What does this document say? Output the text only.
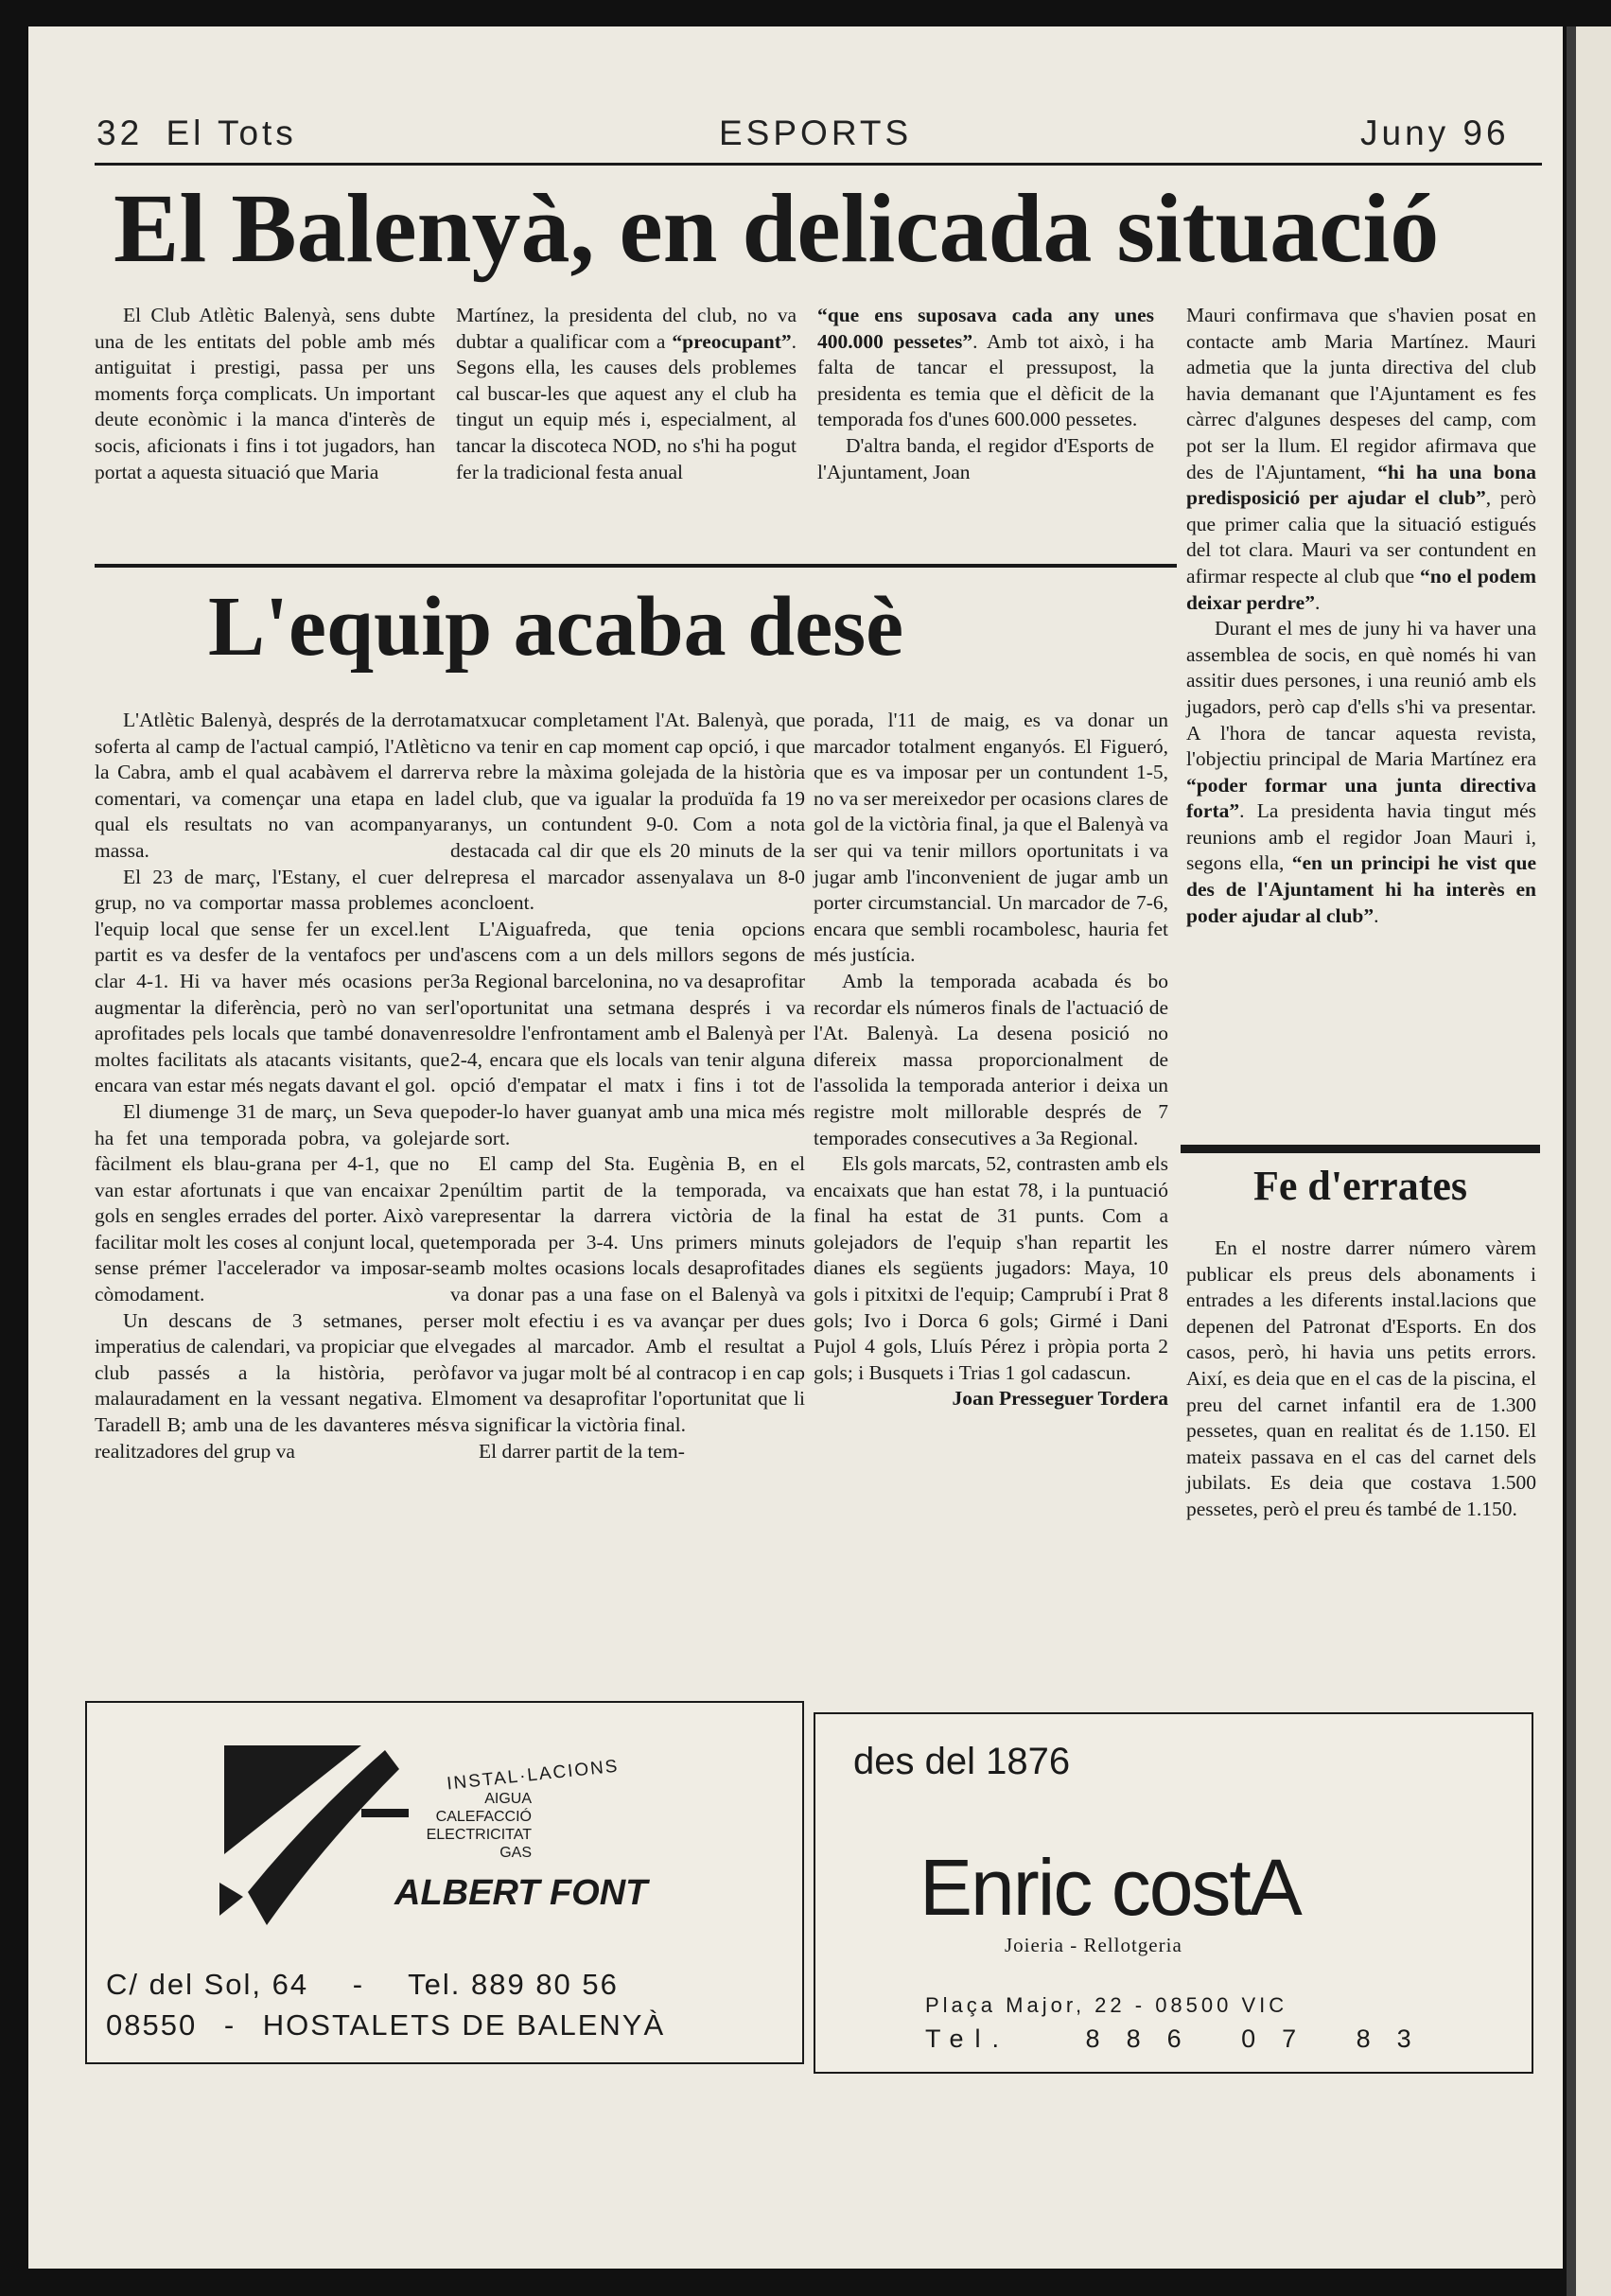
32 El Tots	ESPORTS	Juny 96
El Balenyà, en delicada situació

El Club Atlètic Balenyà, sens dubte una de les entitats del poble amb més antiguitat i prestigi, passa per uns moments força complicats. Un important deute econòmic i la manca d'interès de socis, aficionats i fins i tot jugadors, han portat a aquesta situació que Maria

Martínez, la presidenta del club, no va dubtar a qualificar com a “preocupant”. Segons ella, les causes dels problemes cal buscar-les que aquest any el club ha tingut un equip més i, especialment, al tancar la discoteca NOD, no s'hi ha pogut fer la tradicional festa anual

“que ens suposava cada any unes 400.000 pessetes”. Amb tot això, i ha falta de tancar el pressupost, la presidenta es temia que el dèficit de la temporada fos d'unes 600.000 pessetes.

D'altra banda, el regidor d'Esports de l'Ajuntament, Joan

Mauri confirmava que s'havien posat en contacte amb Maria Martínez. Mauri admetia que la junta directiva del club havia demanant que l'Ajuntament es fes càrrec d'algunes despeses del camp, com pot ser la llum. El regidor afirmava que des de l'Ajuntament, “hi ha una bona predisposició per ajudar el club”, però que primer calia que la situació estigués del tot clara. Mauri va ser contundent en afirmar respecte al club que “no el podem deixar perdre”.

Durant el mes de juny hi va haver una assemblea de socis, en què només hi van assitir dues persones, i una reunió amb els jugadors, però cap d'ells s'hi va presentar. A l'hora de tancar aquesta revista, l'objectiu principal de Maria Martínez era “poder formar una junta directiva forta”. La presidenta havia tingut més reunions amb el regidor Joan Mauri i, segons ella, “en un principi he vist que des de l'Ajuntament hi ha interès en poder ajudar al club”.

L'equip acaba desè

L'Atlètic Balenyà, després de la derrota soferta al camp de l'actual campió, l'Atlètic la Cabra, amb el qual acabàvem el darrer comentari, va començar una etapa en la qual els resultats no van acompanyar massa.

El 23 de març, l'Estany, el cuer del grup, no va comportar massa problemes a l'equip local que sense fer un excel.lent partit es va desfer de la ventafocs per un clar 4-1. Hi va haver més ocasions per augmentar la diferència, però no van ser aprofitades pels locals que també donaven moltes facilitats als atacants visitants, que encara van estar més negats davant el gol.

El diumenge 31 de març, un Seva que ha fet una temporada pobra, va golejar fàcilment els blau-grana per 4-1, que no van estar afortunats i que van encaixar 2 gols en sengles errades del porter. Això va facilitar molt les coses al conjunt local, que sense prémer l'accelerador va imposar-se còmodament.

Un descans de 3 setmanes, per imperatius de calendari, va propiciar que el club passés a la història, però malauradament en la vessant negativa. El Taradell B; amb una de les davanteres més realitzadores del grup va

matxucar completament l'At. Balenyà, que no va tenir en cap moment cap opció, i que va rebre la màxima golejada de la història del club, que va igualar la produïda fa 19 anys, un contundent 9-0. Com a nota destacada cal dir que els 20 minuts de la represa el marcador assenyalava un 8-0 concloent.

L'Aiguafreda, que tenia opcions d'ascens com a un dels millors segons de 3a Regional barcelonina, no va desaprofitar l'oportunitat una setmana després i va resoldre l'enfrontament amb el Balenyà per 2-4, encara que els locals van tenir alguna opció d'empatar el matx i fins i tot de poder-lo haver guanyat amb una mica més de sort.

El camp del Sta. Eugènia B, en el penúltim partit de la temporada, va representar la darrera victòria de la temporada per 3-4. Uns primers minuts amb moltes ocasions locals desaprofitades va donar pas a una fase on el Balenyà va ser molt efectiu i es va avançar per dues vegades al marcador. Amb el resultat a favor va jugar molt bé al contracop i en cap moment va desaprofitar l'oportunitat que li va significar la victòria final.

El darrer partit de la tem-

porada, l'11 de maig, es va donar un marcador totalment enganyós. El Figueró, que es va imposar per un contundent 1-5, no va ser mereixedor per ocasions clares de gol de la victòria final, ja que el Balenyà va ser qui va tenir millors oportunitats i va jugar amb l'inconvenient de jugar amb un porter circumstancial. Un marcador de 7-6, encara que sembli rocambolesc, hauria fet més justícia.

Amb la temporada acabada és bo recordar els números finals de l'actuació de l'At. Balenyà. La desena posició no difereix massa proporcionalment de l'assolida la temporada anterior i deixa un registre molt millorable després de 7 temporades consecutives a 3a Regional.

Els gols marcats, 52, contrasten amb els encaixats que han estat 78, i la puntuació final ha estat de 31 punts. Com a golejadors de l'equip s'han repartit les dianes els següents jugadors: Maya, 10 gols i pitxitxi de l'equip; Camprubí i Prat 8 gols; Ivo i Dorca 6 gols; Girmé i Dani Pujol 4 gols, Lluís Pérez i pròpia porta 2 gols; i Busquets i Trias 1 gol cadascun.

Joan Presseguer Tordera

Fe d'errates

En el nostre darrer número vàrem publicar els preus dels abonaments i entrades a les diferents instal.lacions que depenen del Patronat d'Esports. En dos casos, però, hi havia uns petits errors. Així, es deia que en el cas de la piscina, el preu del carnet infantil era de 1.300 pessetes, quan en realitat és de 1.150. El mateix passava en el cas del carnet dels jubilats. Es deia que costava 1.500 pessetes, però el preu és també de 1.150.

INSTAL·LACIONS
AIGUA
CALEFACCIÓ
ELECTRICITAT
GAS
ALBERT FONT
C/ del Sol, 64 - Tel. 889 80 56
08550 - HOSTALETS DE BALENYÀ
des del 1876
Enric costA
Joieria - Rellotgeria
Plaça Major, 22 - 08500 VIC
Tel.	886 07 83
